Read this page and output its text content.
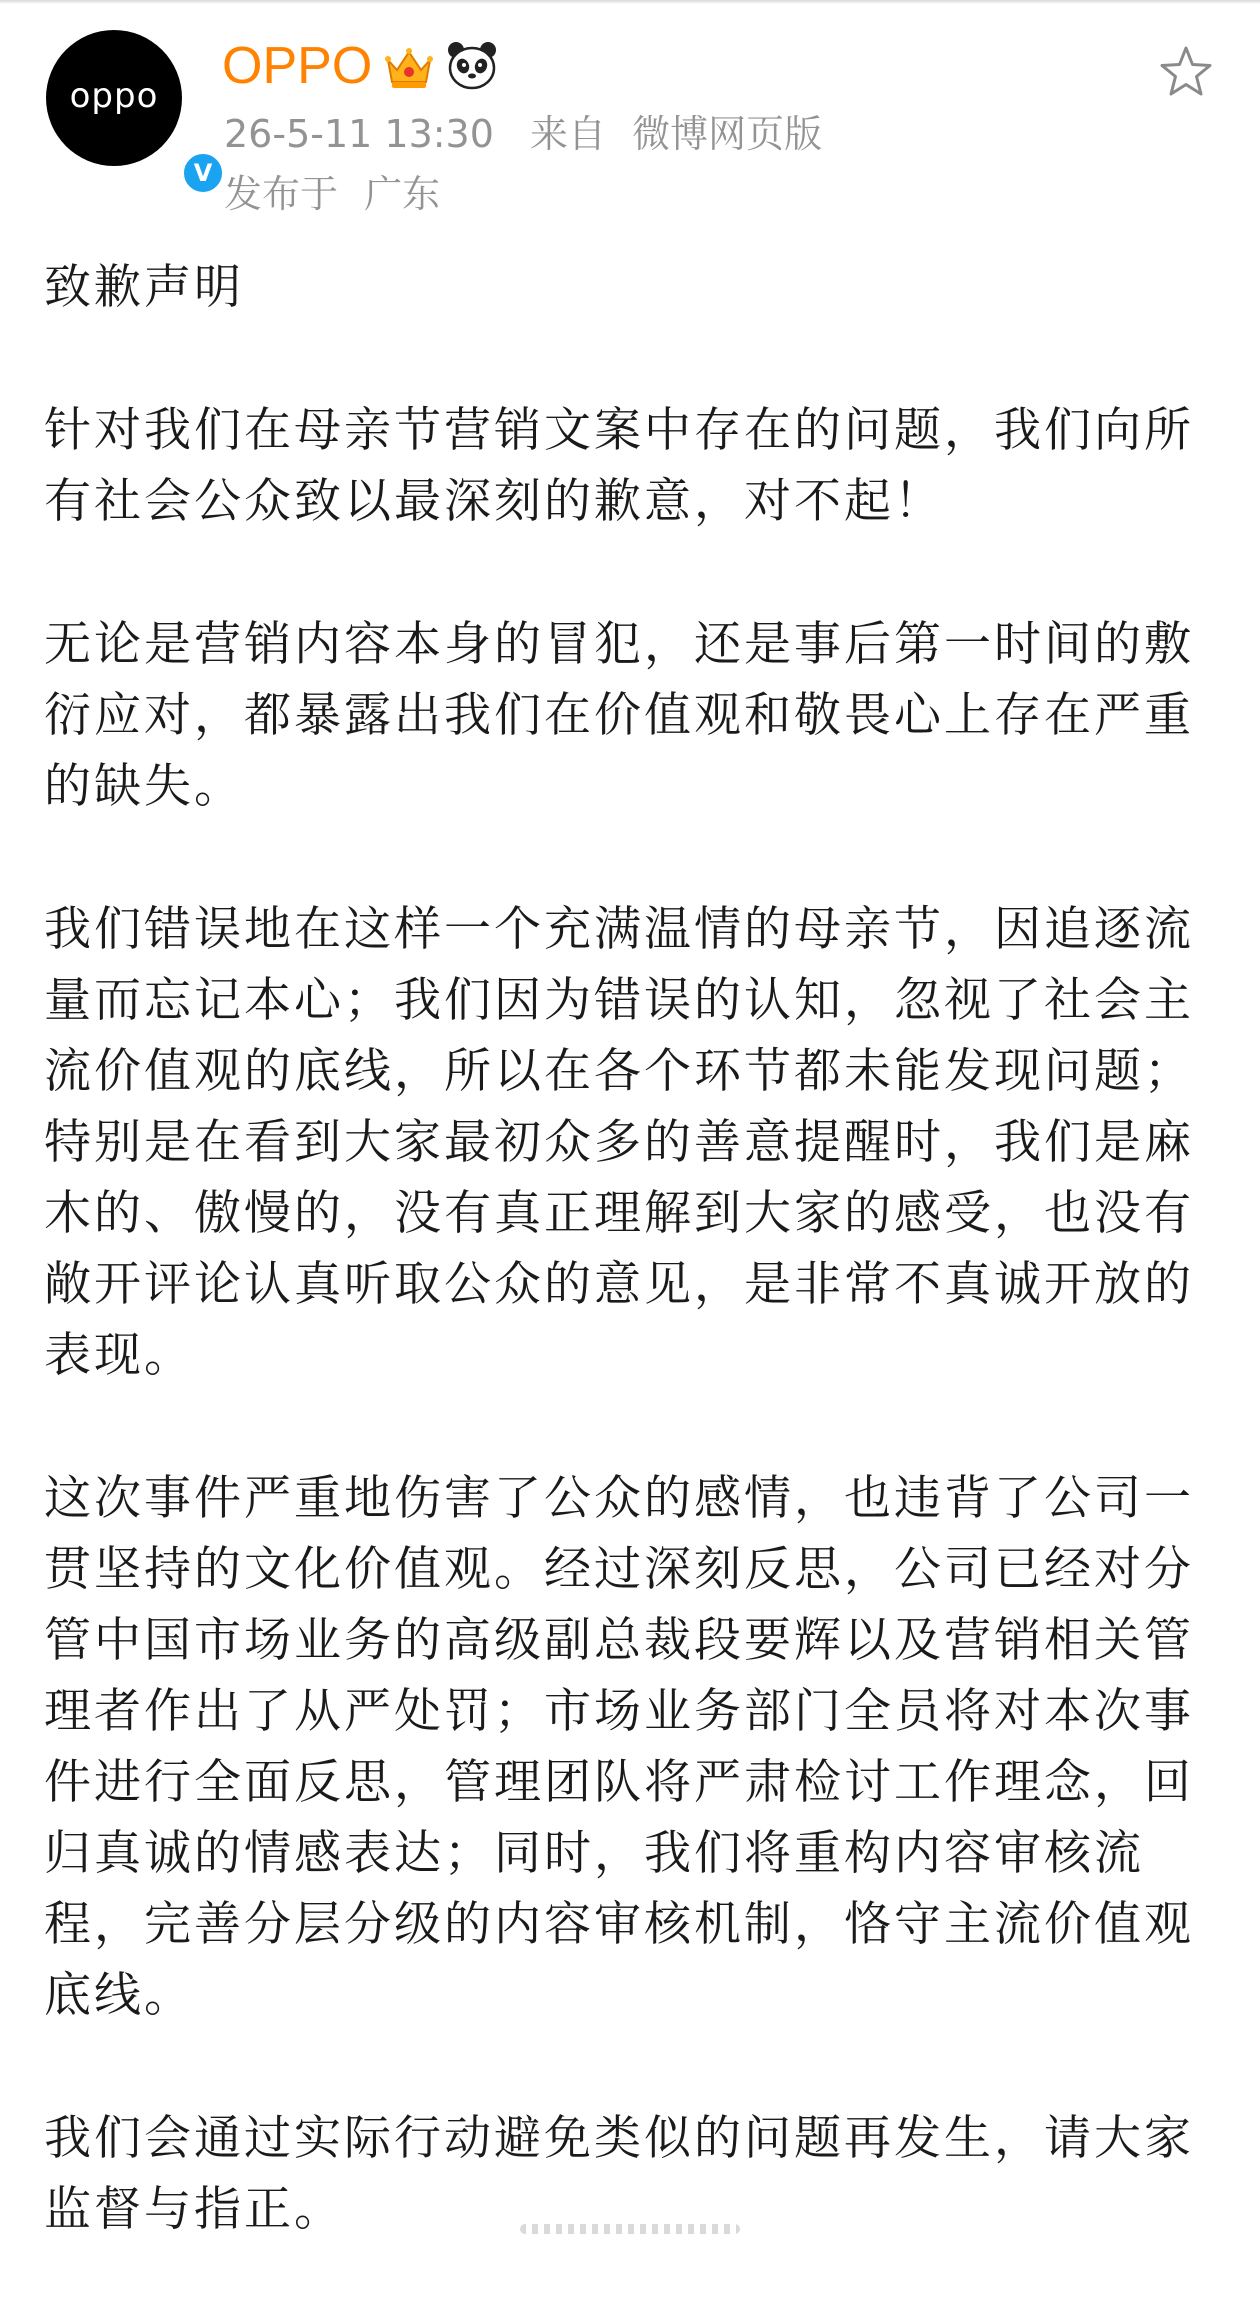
oppo
V
OPPO
26-5-11 13:30 来自 微博网页版
发布于 广东

致歉声明

针对我们在母亲节营销文案中存在的问题，我们向所有社会公众致以最深刻的歉意，对不起！

无论是营销内容本身的冒犯，还是事后第一时间的敷衍应对，都暴露出我们在价值观和敬畏心上存在严重的缺失。

我们错误地在这样一个充满温情的母亲节，因追逐流量而忘记本心；我们因为错误的认知，忽视了社会主流价值观的底线，所以在各个环节都未能发现问题；特别是在看到大家最初众多的善意提醒时，我们是麻木的、傲慢的，没有真正理解到大家的感受，也没有敞开评论认真听取公众的意见，是非常不真诚开放的表现。

这次事件严重地伤害了公众的感情，也违背了公司一贯坚持的文化价值观。经过深刻反思，公司已经对分管中国市场业务的高级副总裁段要辉以及营销相关管理者作出了从严处罚；市场业务部门全员将对本次事件进行全面反思，管理团队将严肃检讨工作理念，回归真诚的情感表达；同时，我们将重构内容审核流程，完善分层分级的内容审核机制，恪守主流价值观底线。

我们会通过实际行动避免类似的问题再发生，请大家监督与指正。
